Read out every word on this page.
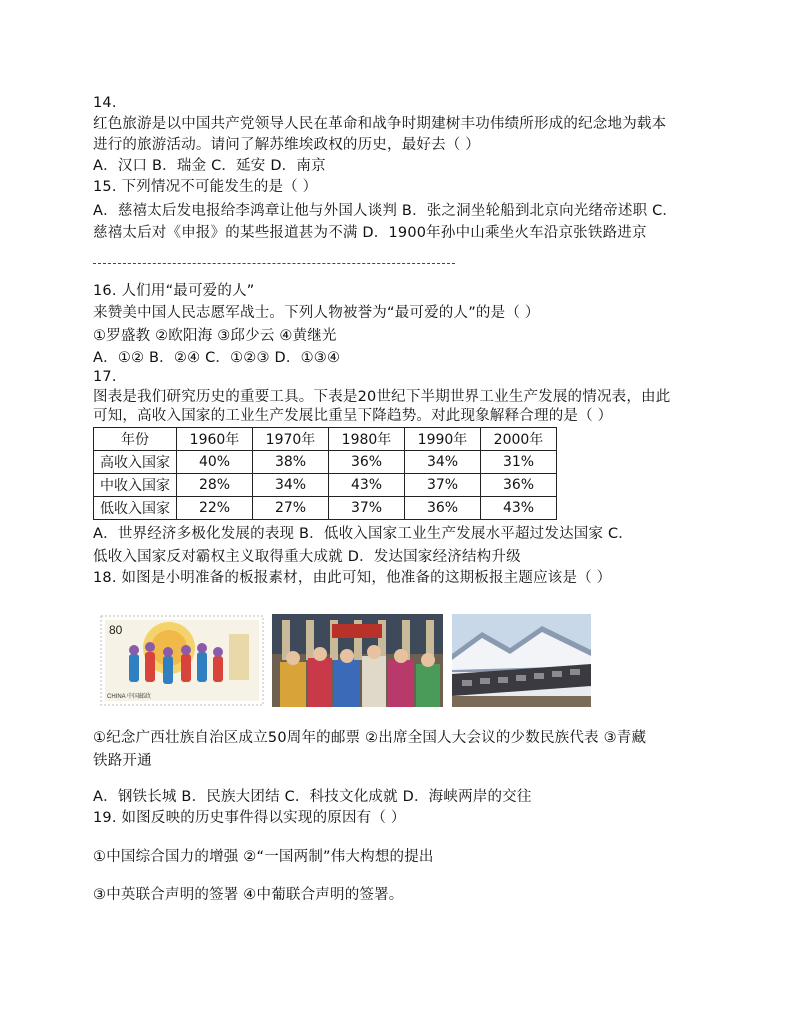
14.
红色旅游是以中国共产党领导人民在革命和战争时期建树丰功伟绩所形成的纪念地为载本
进行的旅游活动。请问了解苏维埃政权的历史，最好去（ ）
A．汉口 B．瑞金 C．延安 D．南京
15. 下列情况不可能发生的是（ ）
A．慈禧太后发电报给李鸿章让他与外国人谈判 B．张之洞坐轮船到北京向光绪帝述职 C．
慈禧太后对《申报》的某些报道甚为不满 D．1900年孙中山乘坐火车沿京张铁路进京
16. 人们用“最可爱的人”
来赞美中国人民志愿军战士。下列人物被誉为“最可爱的人”的是（ ）
①罗盛教 ②欧阳海 ③邱少云 ④黄继光
A．①② B．②④ C．①②③ D．①③④
17.
图表是我们研究历史的重要工具。下表是20世纪下半期世界工业生产发展的情况表，由此
可知，高收入国家的工业生产发展比重呈下降趋势。对此现象解释合理的是（ ）
年份	1960年	1970年	1980年	1990年	2000年
高收入国家	40%	38%	36%	34%	31%
中收入国家	28%	34%	43%	37%	36%
低收入国家	22%	27%	37%	36%	43%
A．世界经济多极化发展的表现 B．低收入国家工业生产发展水平超过发达国家 C．
低收入国家反对霸权主义取得重大成就 D．发达国家经济结构升级
18. 如图是小明准备的板报素材，由此可知，他准备的这期板报主题应该是（ ）
80
CHINA 中国邮政
①纪念广西壮族自治区成立50周年的邮票 ②出席全国人大会议的少数民族代表 ③青藏
铁路开通
A．钢铁长城 B．民族大团结 C．科技文化成就 D．海峡两岸的交往
19. 如图反映的历史事件得以实现的原因有（ ）
①中国综合国力的增强 ②“一国两制”伟大构想的提出
③中英联合声明的签署 ④中葡联合声明的签署。
